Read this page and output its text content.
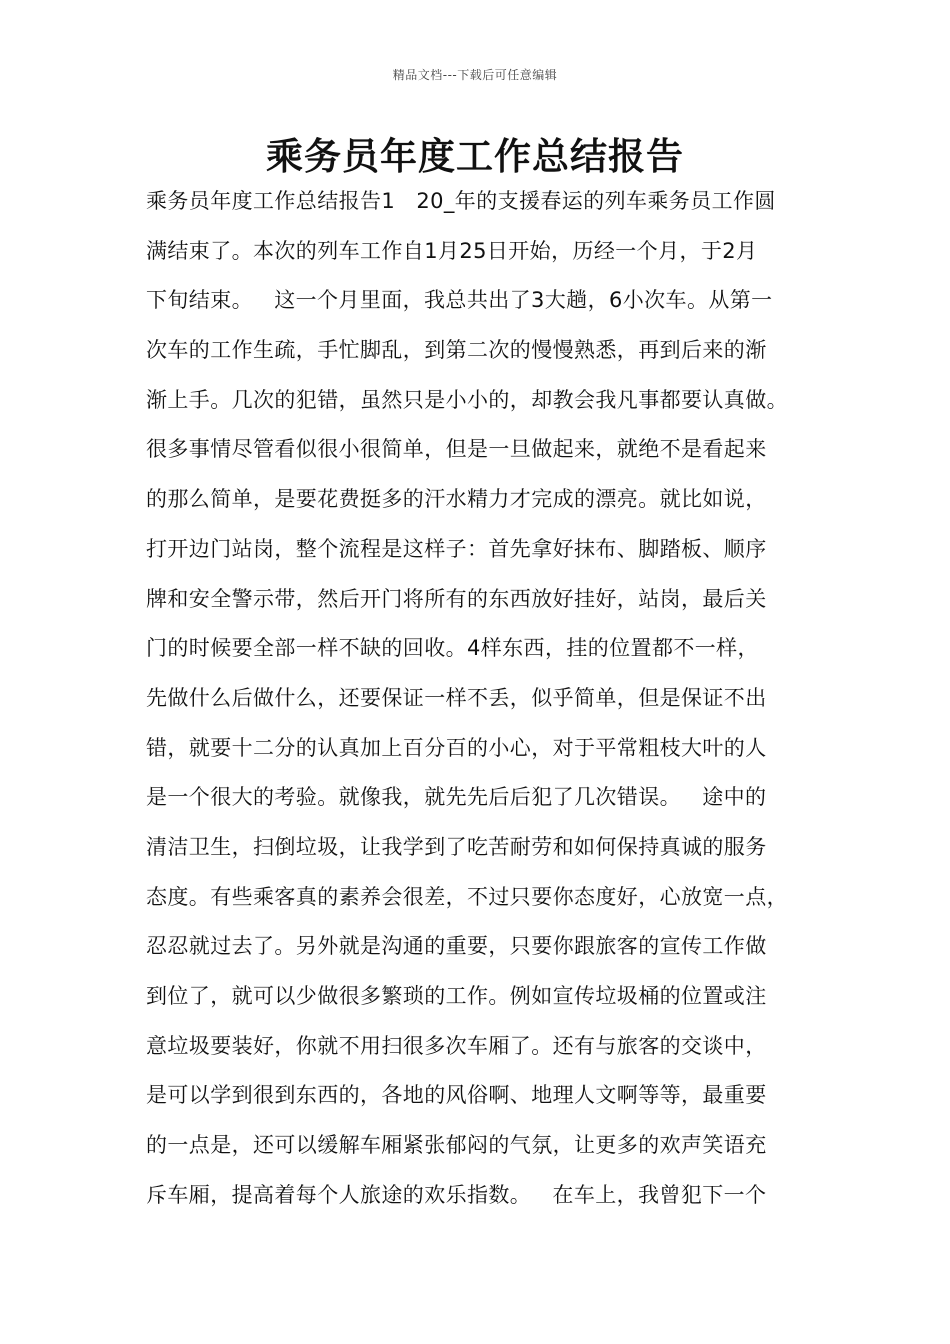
精品文档---下载后可任意编辑
乘务员年度工作总结报告
乘务员年度工作总结报告1   20_年的支援春运的列车乘务员工作圆
满结束了。本次的列车工作自1月25日开始，历经一个月，于2月
下旬结束。   这一个月里面，我总共出了3大趟，6小次车。从第一
次车的工作生疏，手忙脚乱，到第二次的慢慢熟悉，再到后来的渐
渐上手。几次的犯错，虽然只是小小的，却教会我凡事都要认真做。
很多事情尽管看似很小很简单，但是一旦做起来，就绝不是看起来
的那么简单，是要花费挺多的汗水精力才完成的漂亮。就比如说，
打开边门站岗，整个流程是这样子：首先拿好抹布、脚踏板、顺序
牌和安全警示带，然后开门将所有的东西放好挂好，站岗，最后关
门的时候要全部一样不缺的回收。4样东西，挂的位置都不一样，
先做什么后做什么，还要保证一样不丢，似乎简单，但是保证不出
错，就要十二分的认真加上百分百的小心，对于平常粗枝大叶的人
是一个很大的考验。就像我，就先先后后犯了几次错误。   途中的
清洁卫生，扫倒垃圾，让我学到了吃苦耐劳和如何保持真诚的服务
态度。有些乘客真的素养会很差，不过只要你态度好，心放宽一点，
忍忍就过去了。另外就是沟通的重要，只要你跟旅客的宣传工作做
到位了，就可以少做很多繁琐的工作。例如宣传垃圾桶的位置或注
意垃圾要装好，你就不用扫很多次车厢了。还有与旅客的交谈中，
是可以学到很到东西的，各地的风俗啊、地理人文啊等等，最重要
的一点是，还可以缓解车厢紧张郁闷的气氛，让更多的欢声笑语充
斥车厢，提高着每个人旅途的欢乐指数。   在车上，我曾犯下一个
